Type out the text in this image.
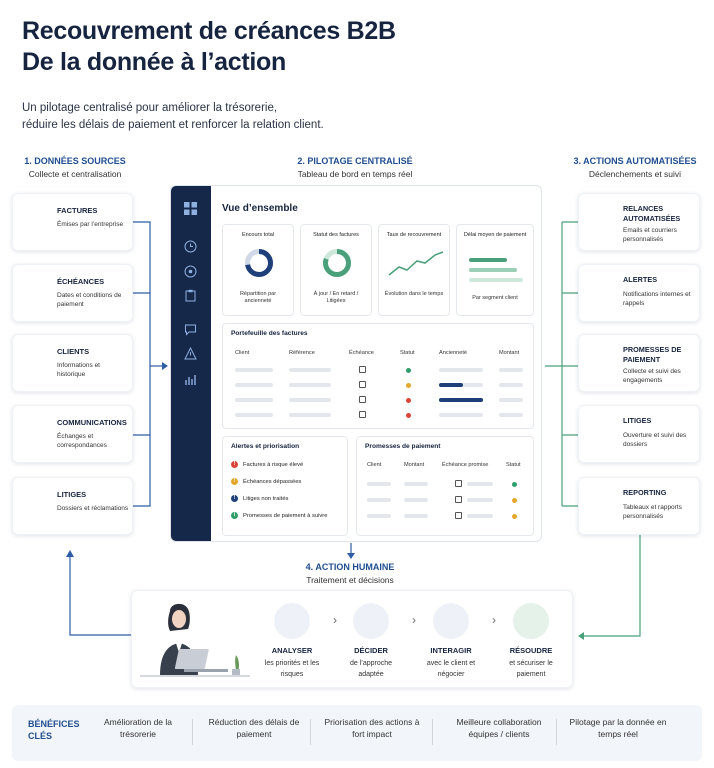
Recouvrement de créances B2B
De la donnée à l’action
Un pilotage centralisé pour améliorer la trésorerie,
réduire les délais de paiement et renforcer la relation client.
1. DONNÉES SOURCES
Collecte et centralisation
2. PILOTAGE CENTRALISÉ
Tableau de bord en temps réel
3. ACTIONS AUTOMATISÉES
Déclenchements et suivi
FACTURES
Émises par l’entreprise
ÉCHÉANCES
Dates et conditions de paiement
CLIENTS
Informations et historique
COMMUNICATIONS
Échanges et correspondances
LITIGES
Dossiers et réclamations
RELANCES AUTOMATISÉES
Emails et courriers personnalisés
ALERTES
Notifications internes et rappels
PROMESSES DE PAIEMENT
Collecte et suivi des engagements
LITIGES
Ouverture et suivi des dossiers
REPORTING
Tableaux et rapports personnalisés
Vue d’ensemble
Encours total
Répartition par ancienneté
Statut des factures
À jour / En retard / Litigées
Taux de recouvrement
Évolution dans le temps
Délai moyen de paiement
Par segment client
Portefeuille des factures
Client	Référence	Échéance	Statut	Ancienneté	Montant
Alertes et priorisation
! Factures à risque élevé
! Échéances dépassées
! Litiges non traités
i Promesses de paiement à suivre
Promesses de paiement
Client	Montant	Échéance promise	Statut
4. ACTION HUMAINE
Traitement et décisions
ANALYSER
les priorités et les risques
›
DÉCIDER
de l’approche adaptée
›
INTERAGIR
avec le client et négocier
›
RÉSOUDRE
et sécuriser le paiement
BÉNÉFICES CLÉS
Amélioration de la trésorerie
Réduction des délais de paiement
Priorisation des actions à fort impact
Meilleure collaboration équipes / clients
Pilotage par la donnée en temps réel
